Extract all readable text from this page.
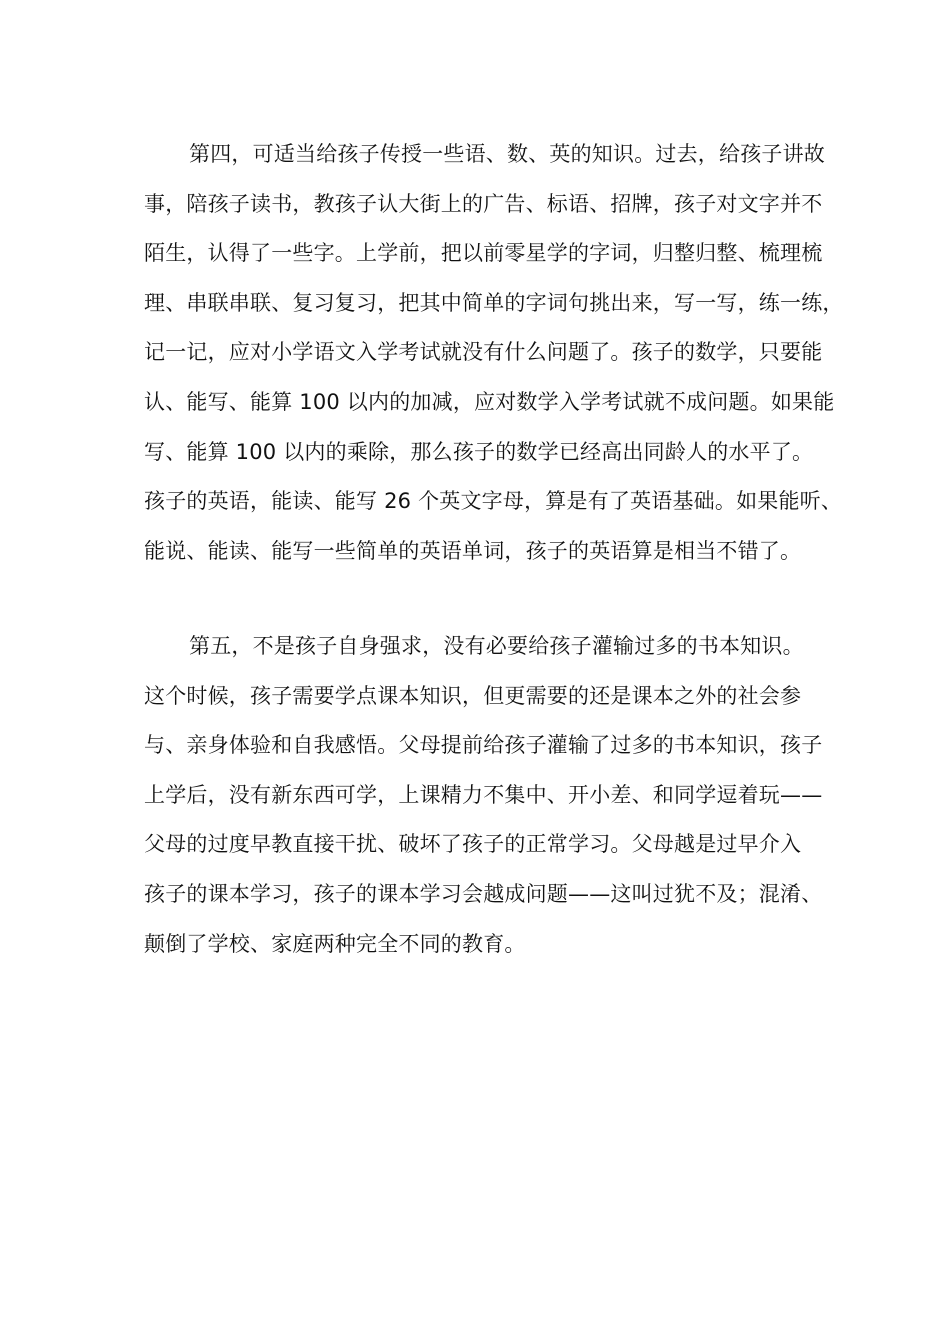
第四，可适当给孩子传授一些语、数、英的知识。过去，给孩子讲故
事，陪孩子读书，教孩子认大街上的广告、标语、招牌，孩子对文字并不
陌生，认得了一些字。上学前，把以前零星学的字词，归整归整、梳理梳
理、串联串联、复习复习，把其中简单的字词句挑出来，写一写，练一练，
记一记，应对小学语文入学考试就没有什么问题了。孩子的数学，只要能
认、能写、能算 100 以内的加减，应对数学入学考试就不成问题。如果能
写、能算 100 以内的乘除，那么孩子的数学已经高出同龄人的水平了。
孩子的英语，能读、能写 26 个英文字母，算是有了英语基础。如果能听、
能说、能读、能写一些简单的英语单词，孩子的英语算是相当不错了。
第五，不是孩子自身强求，没有必要给孩子灌输过多的书本知识。
这个时候，孩子需要学点课本知识，但更需要的还是课本之外的社会参
与、亲身体验和自我感悟。父母提前给孩子灌输了过多的书本知识，孩子
上学后，没有新东西可学，上课精力不集中、开小差、和同学逗着玩——
父母的过度早教直接干扰、破坏了孩子的正常学习。父母越是过早介入
孩子的课本学习，孩子的课本学习会越成问题——这叫过犹不及；混淆、
颠倒了学校、家庭两种完全不同的教育。
